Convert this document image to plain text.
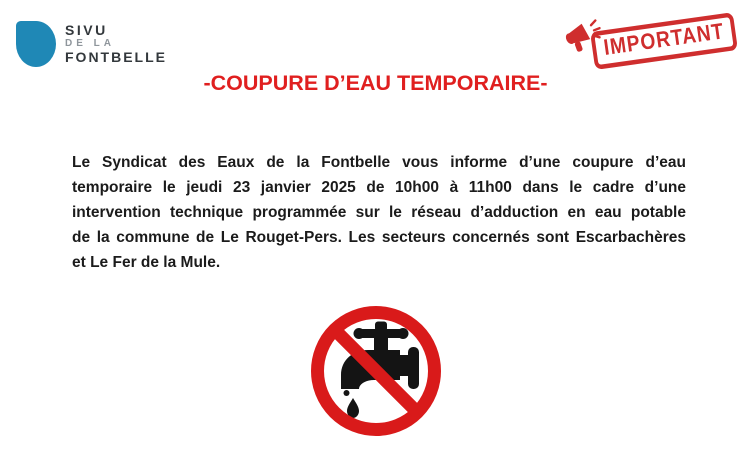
SIVU
DE LA
FONTBELLE	IMPORTANT
-COUPURE D’EAU TEMPORAIRE-
Le Syndicat des Eaux de la Fontbelle vous informe d’une coupure d’eau
temporaire le jeudi 23 janvier 2025 de 10h00 à 11h00 dans le cadre d’une
intervention technique programmée sur le réseau d’adduction en eau potable
de la commune de Le Rouget-Pers. Les secteurs concernés sont Escarbachères
et Le Fer de la Mule.
